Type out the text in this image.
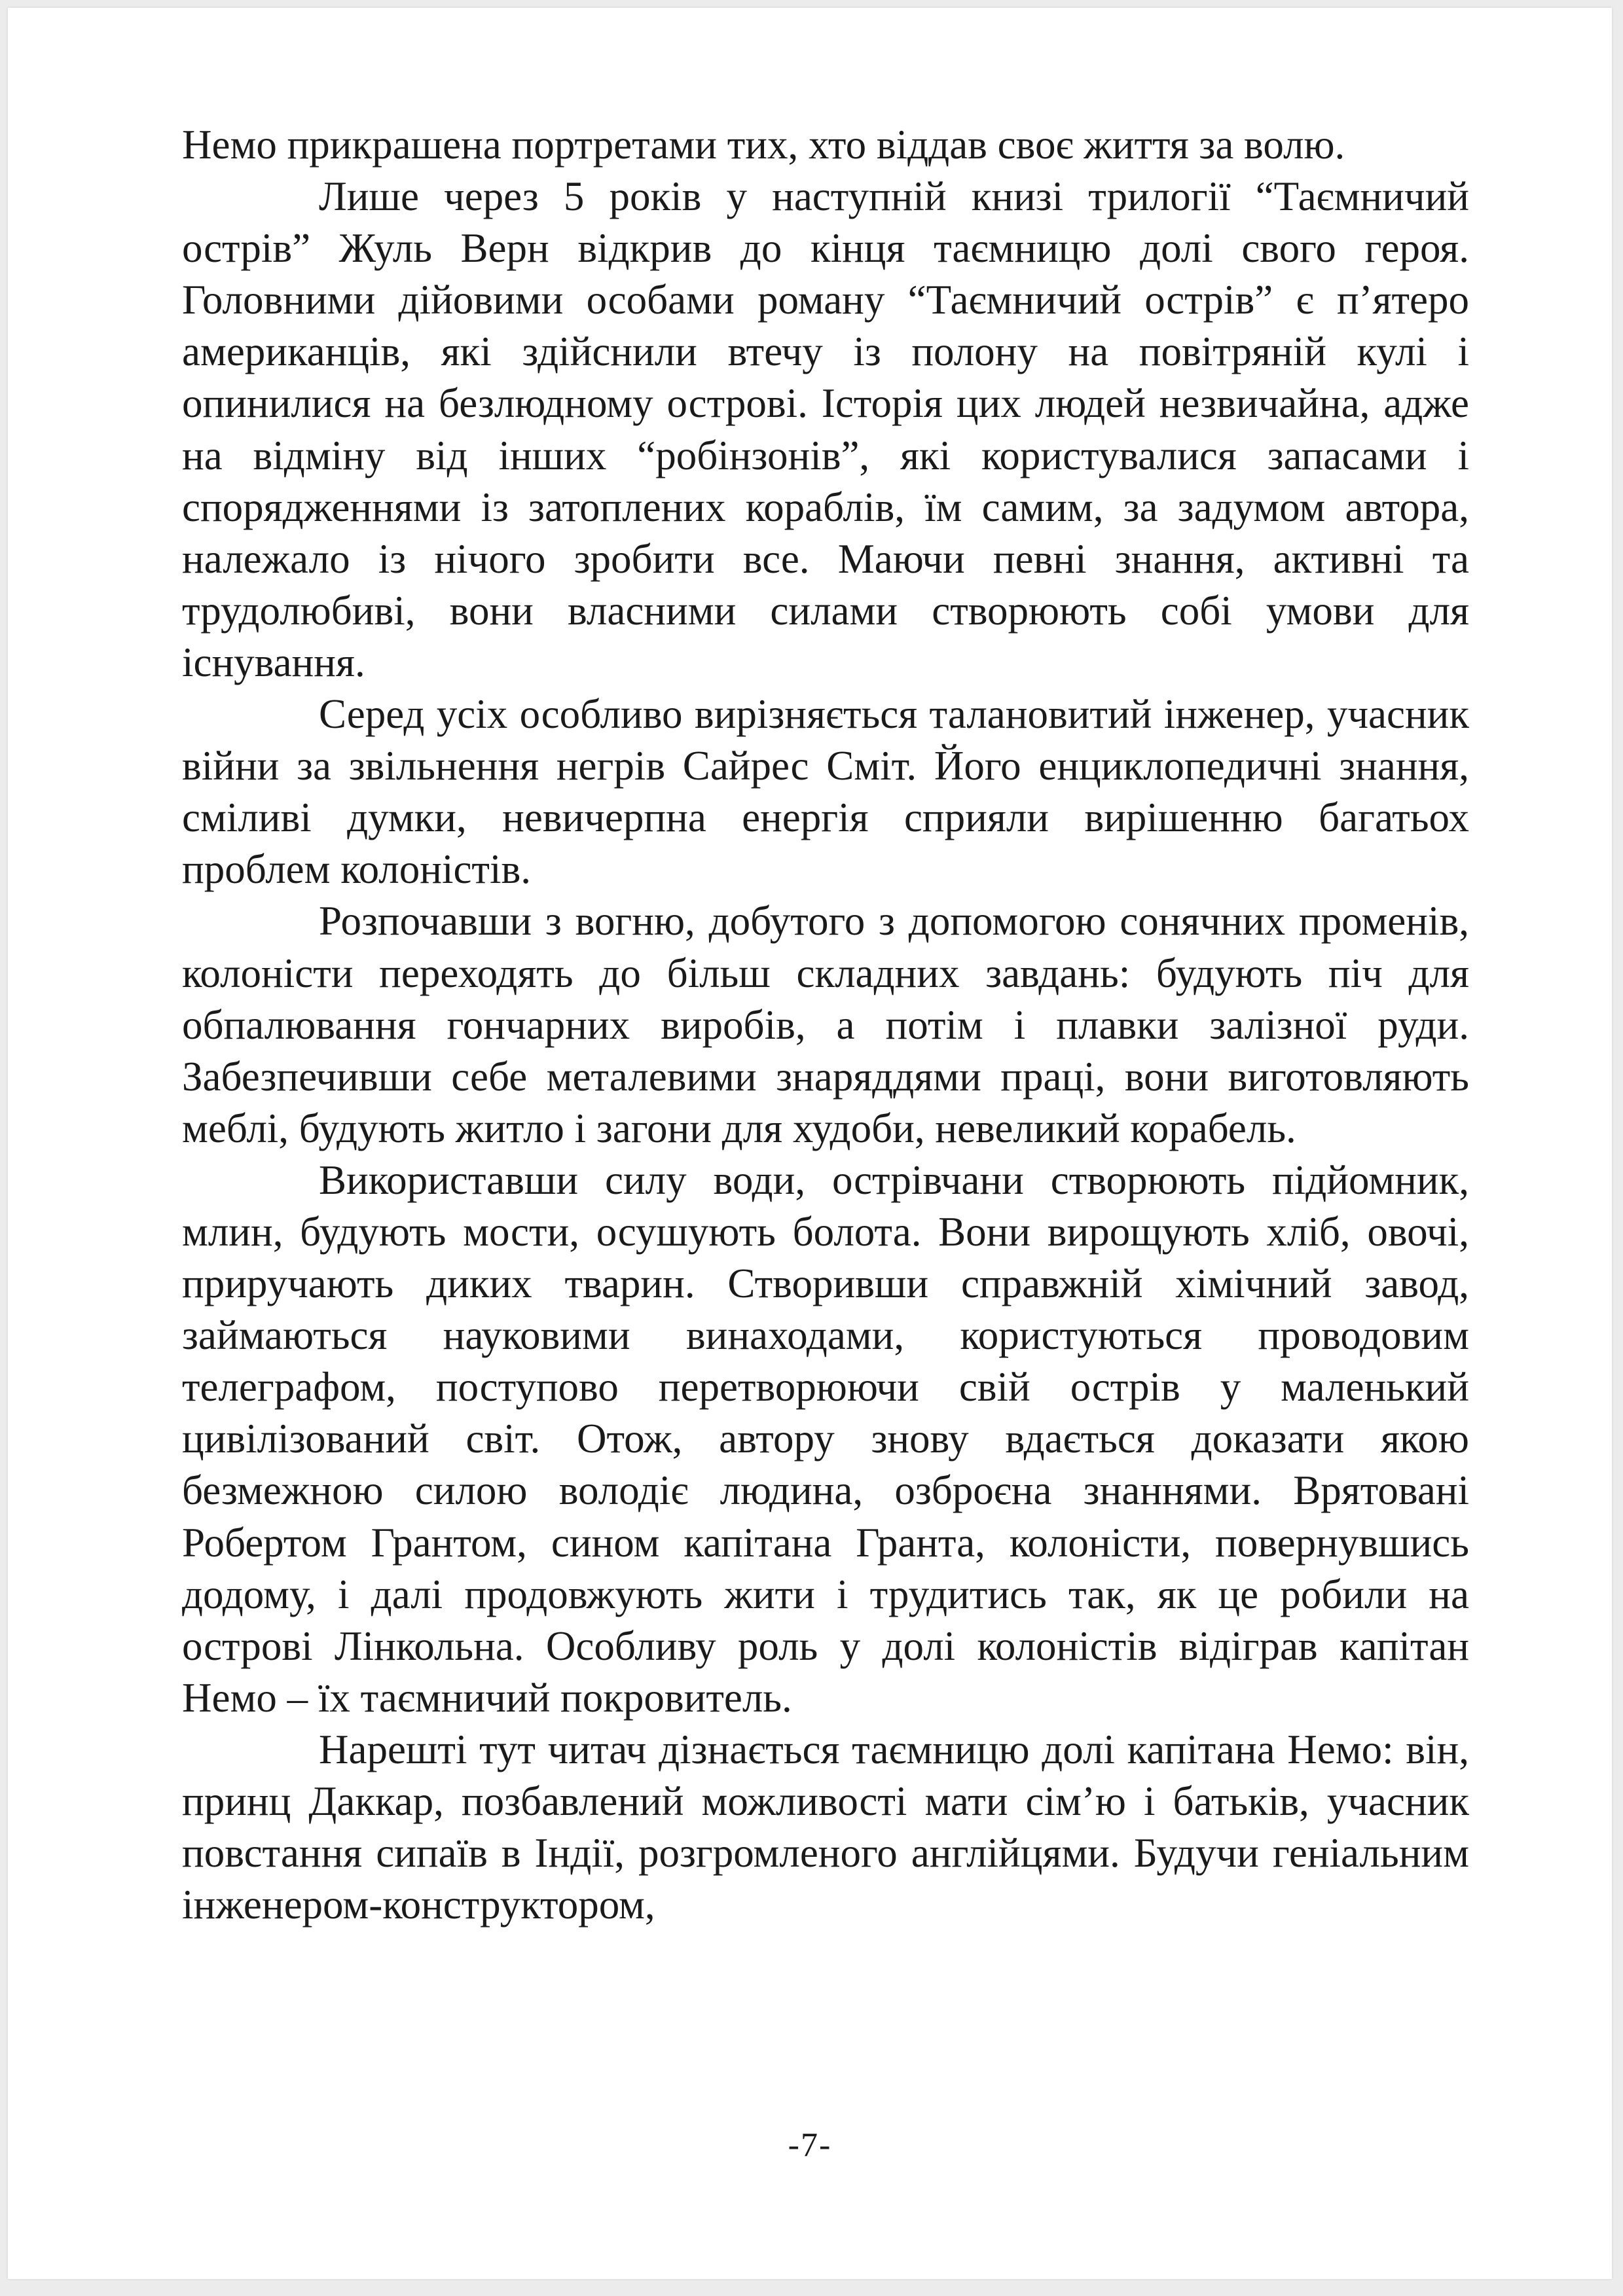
Немо прикрашена портретами тих, хто віддав своє життя за волю.

Лише через 5 років у наступній книзі трилогії “Таємничий острів” Жуль Верн відкрив до кінця таємницю долі свого героя. Головними дійовими особами роману “Таємничий острів” є п’ятеро американців, які здійснили втечу із полону на повітряній кулі і опинилися на безлюдному острові. Історія цих людей незвичайна, адже на відміну від інших “робінзонів”, які користувалися запасами і спорядженнями із затоплених кораблів, їм самим, за задумом автора, належало із нічого зробити все. Маючи певні знання, активні та трудолюбиві, вони власними силами створюють собі умови для існування.

Серед усіх особливо вирізняється талановитий інженер, учасник війни за звільнення негрів Сайрес Сміт. Його енциклопедичні знання, сміливі думки, невичерпна енергія сприяли вирішенню багатьох проблем колоністів.

Розпочавши з вогню, добутого з допомогою сонячних променів, колоністи переходять до більш складних завдань: будують піч для обпалювання гончарних виробів, а потім і плавки залізної руди. Забезпечивши себе металевими знаряддями праці, вони виготовляють меблі, будують житло і загони для худоби, невеликий корабель.

Використавши силу води, острівчани створюють підйомник, млин, будують мости, осушують болота. Вони вирощують хліб, овочі, приручають диких тварин. Створивши справжній хімічний завод, займаються науковими винаходами, користуються проводовим телеграфом, поступово перетворюючи свій острів у маленький цивілізований світ. Отож, автору знову вдається доказати якою безмежною силою володіє людина, озброєна знаннями. Врятовані Робертом Грантом, сином капітана Гранта, колоністи, повернувшись додому, і далі продовжують жити і трудитись так, як це робили на острові Лінкольна. Особливу роль у долі колоністів відіграв капітан Немо – їх таємничий покровитель.

Нарешті тут читач дізнається таємницю долі капітана Немо: він, принц Даккар, позбавлений можливості мати сім’ю і батьків, учасник повстання сипаїв в Індії, розгромленого англійцями. Будучи геніальним інженером-конструктором,

-7-
